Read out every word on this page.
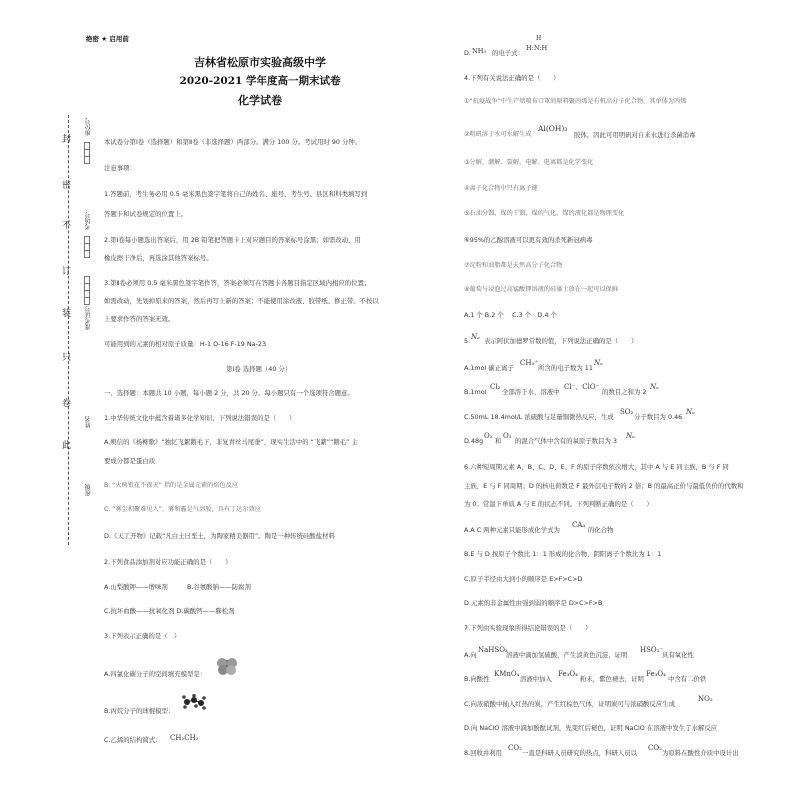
封
密
不
订
装
只
卷
此
座位号
考场号
准考证号
姓名
班级
绝密 ★ 启用前
吉林省松原市实验高级中学
2020-2021 学年度高一期末试卷
化学试卷
本试卷分第Ⅰ卷（选择题）和第Ⅱ卷（非选择题）两部分。满分 100 分。考试用时 90 分钟。
注意事项：
1.答题前，考生务必用 0.5 毫米黑色签字笔将自己的姓名、座号、考生号、县区和科类填写到
答题卡和试卷规定的位置上。
2.第Ⅰ卷每小题选出答案后，用 2B 铅笔把答题卡上对应题目的答案标号涂黑；如需改动，用
橡皮擦干净后，再选涂其他答案标号。
3.第Ⅱ卷必须用 0.5 毫米黑色签字笔作答，答案必须写在答题卡各题目指定区域内相应的位置；
如需改动，先划掉原来的答案，然后再写上新的答案；不能使用涂改液、胶带纸、修正带。不按以
上要求作答的答案无效。
可能用到的元素的相对原子质量：H-1 O-16 F-19 Na-23
第Ⅰ卷 选择题（40 分）
一、选择题：本题共 10 小题，每小题 2 分，共 20 分。每小题只有一个选项符合题意。
1.中华传统文化中蕴含着诸多化学知识，下列说法错误的是（　　）
A.庾信的《杨柳歌》“独忆飞絮鹅毛下，非复青丝马尾垂”，现实生活中的 “飞絮”“鹅毛” 主
要成分都是蛋白质
B. “火树银花不夜天” 指的是金属元素的焰色反应
C. “雾尘积聚难见人”，雾和霾是气溶胶，具有丁达尔效应
D.《天工开物》记载“凡白土曰垩土，为陶家精美器用”。陶是一种传统硅酸盐材料
2.下列食品添加剂对应功能正确的是（　　）
A.山梨酸钾——增味剂　　　B.谷氨酸钠——防腐剂
C.抗坏血酸——抗氧化剂 D.碳酸钙——膨松剂
3.下列表示正确的是（　）
A.四氯化碳分子的空间填充模型是：
B.丙烷分子的球棍模型：
C.乙烯的结构简式： CH₂CH₂
D. NH₃ 的电子式：
H
H:N:H
4.下列有关说法正确的是（　　）
①“抗疫战争”中生产熔喷布口罩的原料聚丙烯是有机高分子化合物，其单体为丙烯
②明矾溶于水可水解生成
Al(OH)₃
胶体，因此可用明矾对自来水进行杀菌消毒
③分解、潮解、裂解、电解、电离都是化学变化
④离子化合物中只有离子键
⑤石油分馏、煤的干馏、煤的气化、煤的液化都是物理变化
⑥95%的乙醇溶液可以更有效的杀死新冠病毒
⑦淀粉和油脂都是天然高分子化合物
⑧葡萄与浸泡过高锰酸钾溶液的硅藻土放在一起可以保鲜
A.1 个 B.2 个　 C.3 个　D.4 个
5. Nₐ 表示阿伏加德罗常数的值，下列说法正确的是（　　）
A.1mol 碳正离子
CH₃⁺
所含的电子数为 11
Nₐ
B.1mol
Cl₂
全部溶于水，溶液中
Cl⁻、ClO⁻
的数目之和为 2
Nₐ
C.50mL 18.4mol/L 浓硫酸与足量铜微热反应，生成
SO₂
分子数目为 0.46
Nₐ
D.48g
O₂
和
O₃
的混合气体中含有的氧原子数目为 3
Nₐ
6.六种短周期元素 A、B、C、D、E、F 的原子序数依次增大，其中 A 与 E 同主族，B 与 F 同
主族，E 与 F 同周期；D 的核电荷数是 F 最外层电子数的 2 倍；B 的最高正价与最低负价的代数和
为 0；常温下单质 A 与 E 的状态不同。下列判断正确的是（　　）
A.A C 两种元素只能形成化学式为
CA₄
的化合物
B.E 与 D 按原子个数比 1：1 形成的化合物，阴阳离子个数比为 1：1
C.原子半径由大到小的顺序是 E>F>C>D
D.元素的非金属性由强到弱的顺序是 D>C>F>B
7.下列由实验现象所得结论错误的是（　　）
A.向
NaHSO₃
溶液中滴加氢硫酸，产生淡黄色沉淀，证明
HSO₃⁻
具有氧化性
B.向酸性
KMnO₄
溶液中加入
Fe₃O₄
粉末，紫色褪去，证明
Fe₃O₄
中含有二价铁
C.向浓硝酸中插入红热的炭，产生红棕色气体，证明炭可与浓硝酸反应生成
NO₂
D.向 NaClO 溶液中滴加酚酞试剂，先变红后褪色，证明 NaClO 在溶液中发生了水解反应
8.回收并利用
CO₂
一直是科研人员研究的热点，科研人员以
CO₂
为原料在酸性介质中设计出
